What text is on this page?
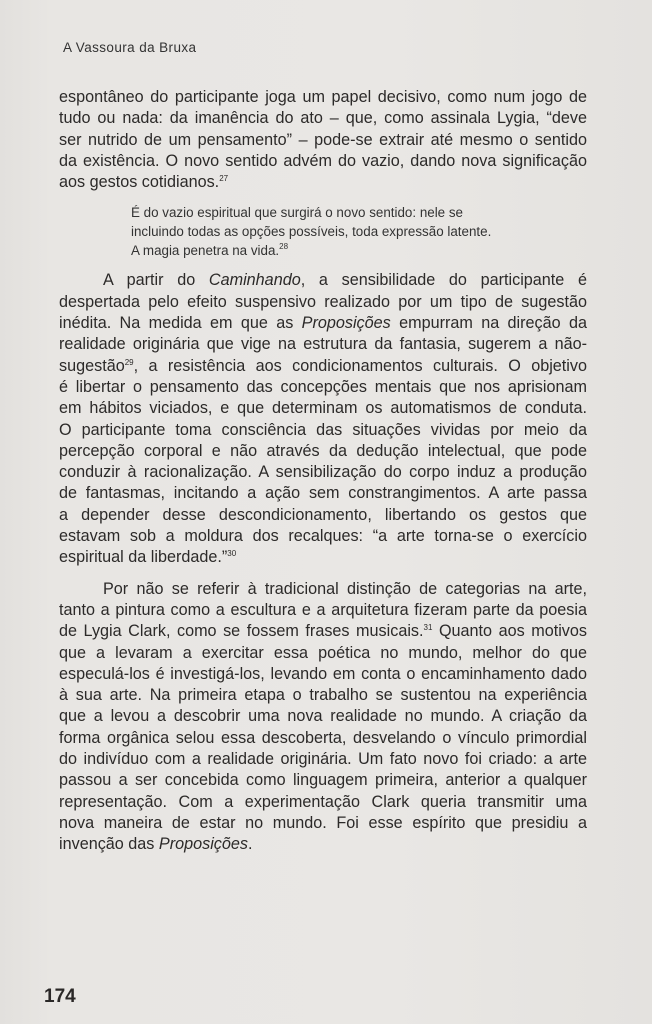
A Vassoura da Bruxa

espontâneo do participante joga um papel decisivo, como num jogo de
tudo ou nada: da imanência do ato – que, como assinala Lygia, “deve
ser nutrido de um pensamento” – pode-se extrair até mesmo o sentido
da existência. O novo sentido advém do vazio, dando nova significação
aos gestos cotidianos.$^{27}$

É do vazio espiritual que surgirá o novo sentido: nele se
incluindo todas as opções possíveis, toda expressão latente.
A magia penetra na vida.$^{28}$

A partir do Caminhando, a sensibilidade do participante é
despertada pelo efeito suspensivo realizado por um tipo de sugestão
inédita. Na medida em que as Proposições empurram na direção da
realidade originária que vige na estrutura da fantasia, sugerem a não-
sugestão$^{29}$, a resistência aos condicionamentos culturais. O objetivo
é libertar o pensamento das concepções mentais que nos aprisionam
em hábitos viciados, e que determinam os automatismos de conduta.
O participante toma consciência das situações vividas por meio da
percepção corporal e não através da dedução intelectual, que pode
conduzir à racionalização. A sensibilização do corpo induz a produção
de fantasmas, incitando a ação sem constrangimentos. A arte passa
a depender desse descondicionamento, libertando os gestos que
estavam sob a moldura dos recalques: “a arte torna-se o exercício
espiritual da liberdade.”$^{30}$

Por não se referir à tradicional distinção de categorias na arte,
tanto a pintura como a escultura e a arquitetura fizeram parte da poesia
de Lygia Clark, como se fossem frases musicais.$^{31}$ Quanto aos motivos
que a levaram a exercitar essa poética no mundo, melhor do que
especulá-los é investigá-los, levando em conta o encaminhamento dado
à sua arte. Na primeira etapa o trabalho se sustentou na experiência
que a levou a descobrir uma nova realidade no mundo. A criação da
forma orgânica selou essa descoberta, desvelando o vínculo primordial
do indivíduo com a realidade originária. Um fato novo foi criado: a arte
passou a ser concebida como linguagem primeira, anterior a qualquer
representação. Com a experimentação Clark queria transmitir uma
nova maneira de estar no mundo. Foi esse espírito que presidiu a
invenção das Proposições.

174
